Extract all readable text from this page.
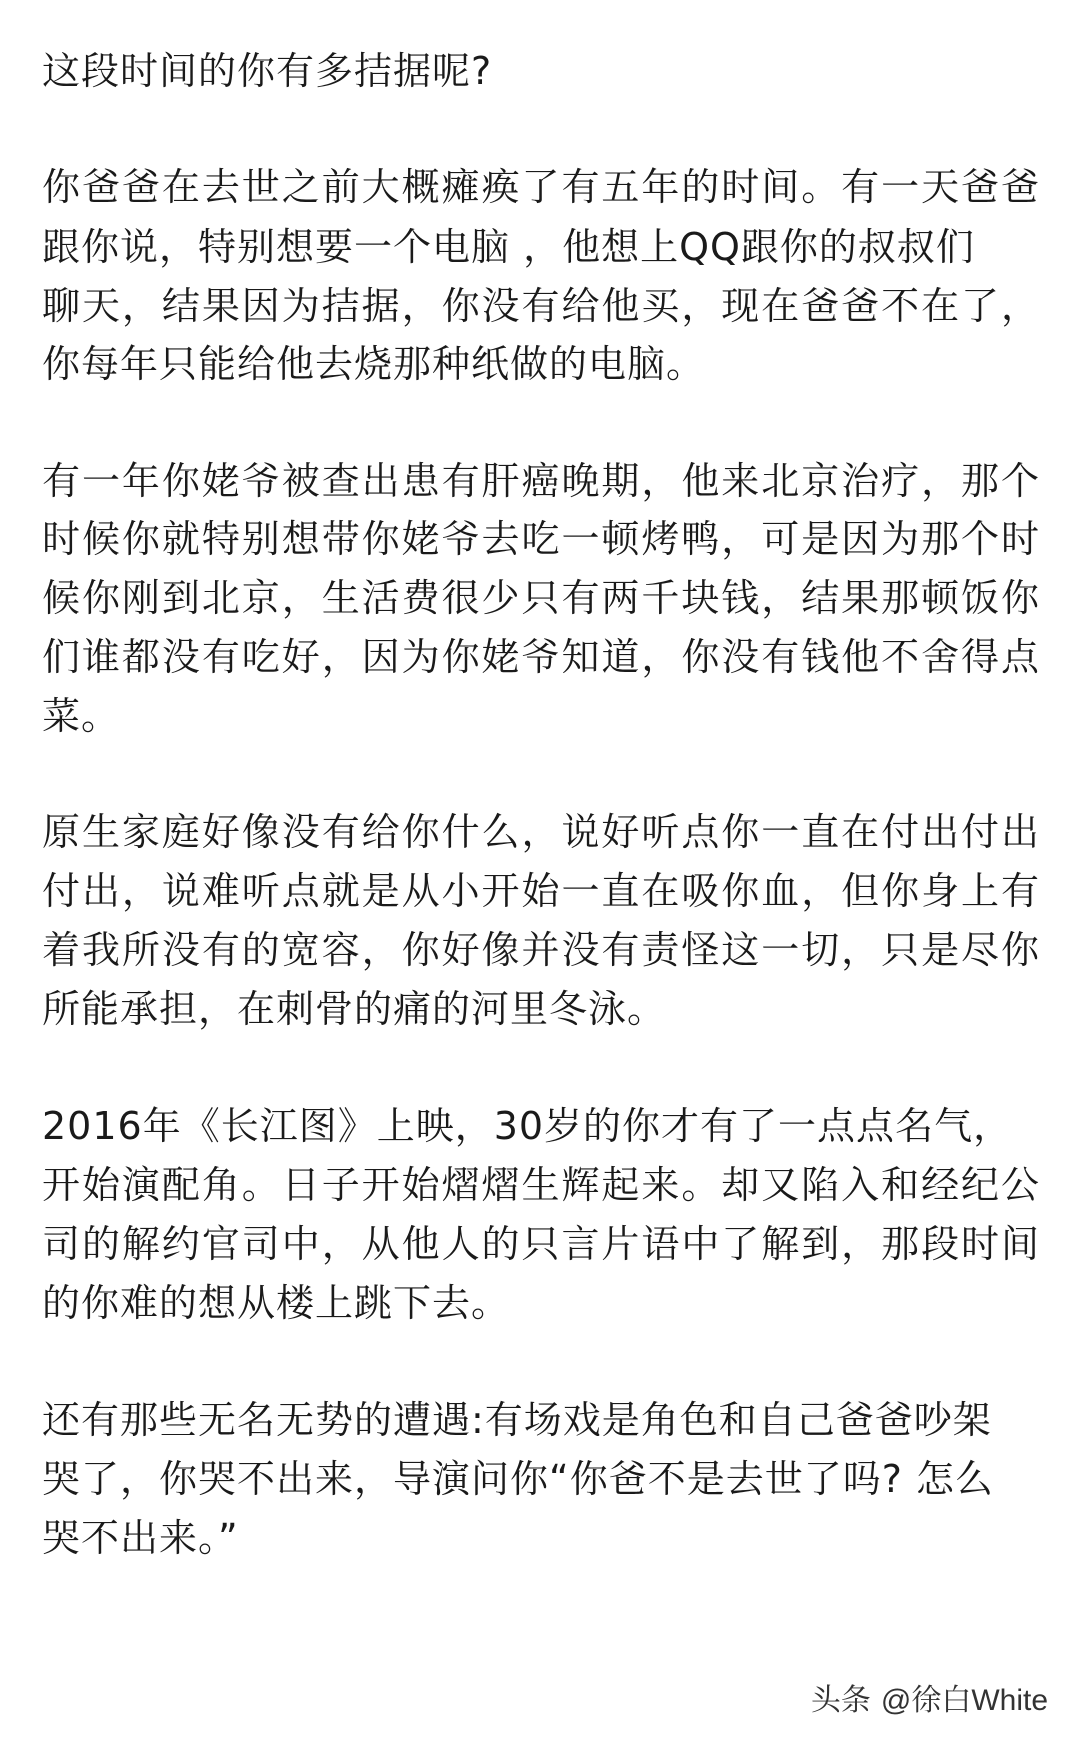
这段时间的你有多拮据呢?
你爸爸在去世之前大概瘫痪了有五年的时间。有一天爸爸
跟你说，特别想要一个电脑 ，他想上QQ跟你的叔叔们
聊天，结果因为拮据，你没有给他买，现在爸爸不在了，
你每年只能给他去烧那种纸做的电脑。
有一年你姥爷被查出患有肝癌晚期，他来北京治疗，那个
时候你就特别想带你姥爷去吃一顿烤鸭，可是因为那个时
候你刚到北京，生活费很少只有两千块钱，结果那顿饭你
们谁都没有吃好，因为你姥爷知道，你没有钱他不舍得点
菜。
原生家庭好像没有给你什么，说好听点你一直在付出付出
付出，说难听点就是从小开始一直在吸你血，但你身上有
着我所没有的宽容，你好像并没有责怪这一切，只是尽你
所能承担，在刺骨的痛的河里冬泳。
2016年《长江图》上映，30岁的你才有了一点点名气，
开始演配角。日子开始熠熠生辉起来。却又陷入和经纪公
司的解约官司中，从他人的只言片语中了解到，那段时间
的你难的想从楼上跳下去。
还有那些无名无势的遭遇:有场戏是角色和自己爸爸吵架
哭了，你哭不出来，导演问你“你爸不是去世了吗? 怎么
哭不出来。”
头条 @徐白White
